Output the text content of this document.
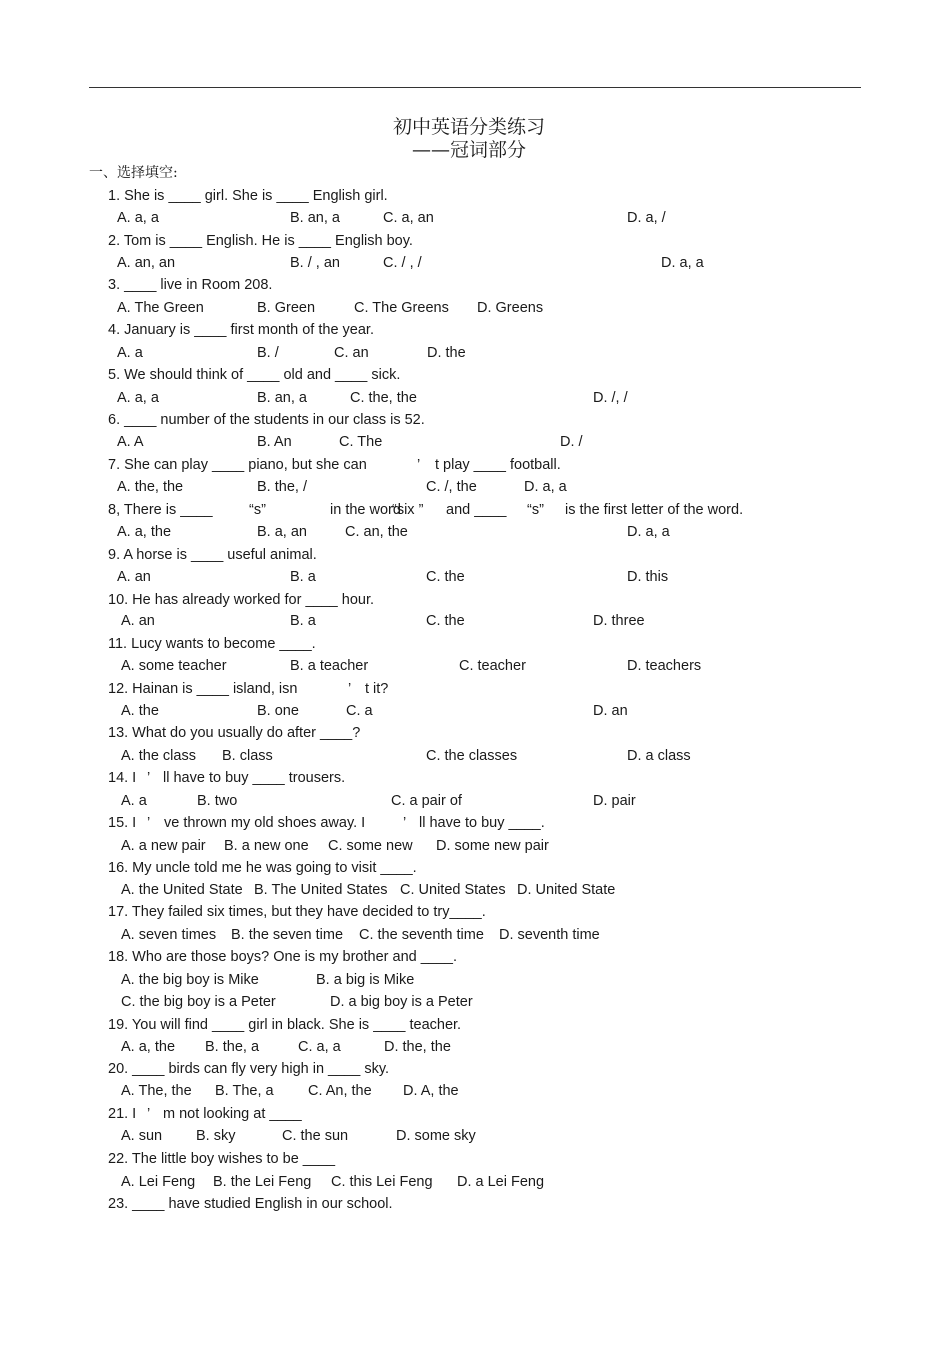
初中英语分类练习
——冠词部分
一、选择填空:
1. She is ____ girl. She is ____ English girl.
A. a, a	B. an, a	C. a, an	D. a, /
2. Tom is ____ English. He is ____ English boy.
A. an, an	B. / , an	C. / , /	D. a, a
3. ____ live in Room 208.
A. The Green	B. Green	C. The Greens D. Greens
4. January is ____ first month of the year.
A. a	B. /	C. an	D. the
5. We should think of ____ old and ____ sick.
A. a, a	B. an, a	C. the, the	D. /, /
6. ____ number of the students in our class is 52.
A. A	B. An	C. The	D. /
7. She can play ____ piano, but she can	’ t play ____ football.
A. the, the	B. the, /	C. /, the	D. a, a
8, There is ____	“s”	in the word
“six ” and ____ “s” is the first letter of the word.
A. a, the	B. a, an	C. an, the	D. a, a
9. A horse is ____ useful animal.
A. an	B. a	C. the	D. this
10. He has already worked for ____ hour.
A. an	B. a	C. the	D. three
11. Lucy wants to become ____.
A. some teacher	B. a teacher	C. teacher	D. teachers
12. Hainan is ____ island, isn	’ t it?
A. the	B. one	C. a	D. an
13. What do you usually do after ____?
A. the class B. class	C. the classes	D. a class
14. I ’ ll have to buy ____ trousers.
A. a	B. two	C. a pair of	D. pair
15. I ’ ve thrown my old shoes away. I	’ ll have to buy ____.
A. a new pair B. a new one C. some new D. some new pair
16. My uncle told me he was going to visit ____.
A. the United State B. The United States C. United States D. United State
17. They failed six times, but they have decided to try____.
A. seven times B. the seven time C. the seventh time D. seventh time
18. Who are those boys? One is my brother and ____.
A. the big boy is Mike	B. a big is Mike
C. the big boy is a Peter	D. a big boy is a Peter
19. You will find ____ girl in black. She is ____ teacher.
A. a, the B. the, a	C. a, a	D. the, the
20. ____ birds can fly very high in ____ sky.
A. The, the B. The, a C. An, the D. A, the
21. I ’ m not looking at ____
A. sun B. sky	C. the sun	D. some sky
22. The little boy wishes to be ____
A. Lei Feng B. the Lei Feng C. this Lei Feng D. a Lei Feng
23. ____ have studied English in our school.
